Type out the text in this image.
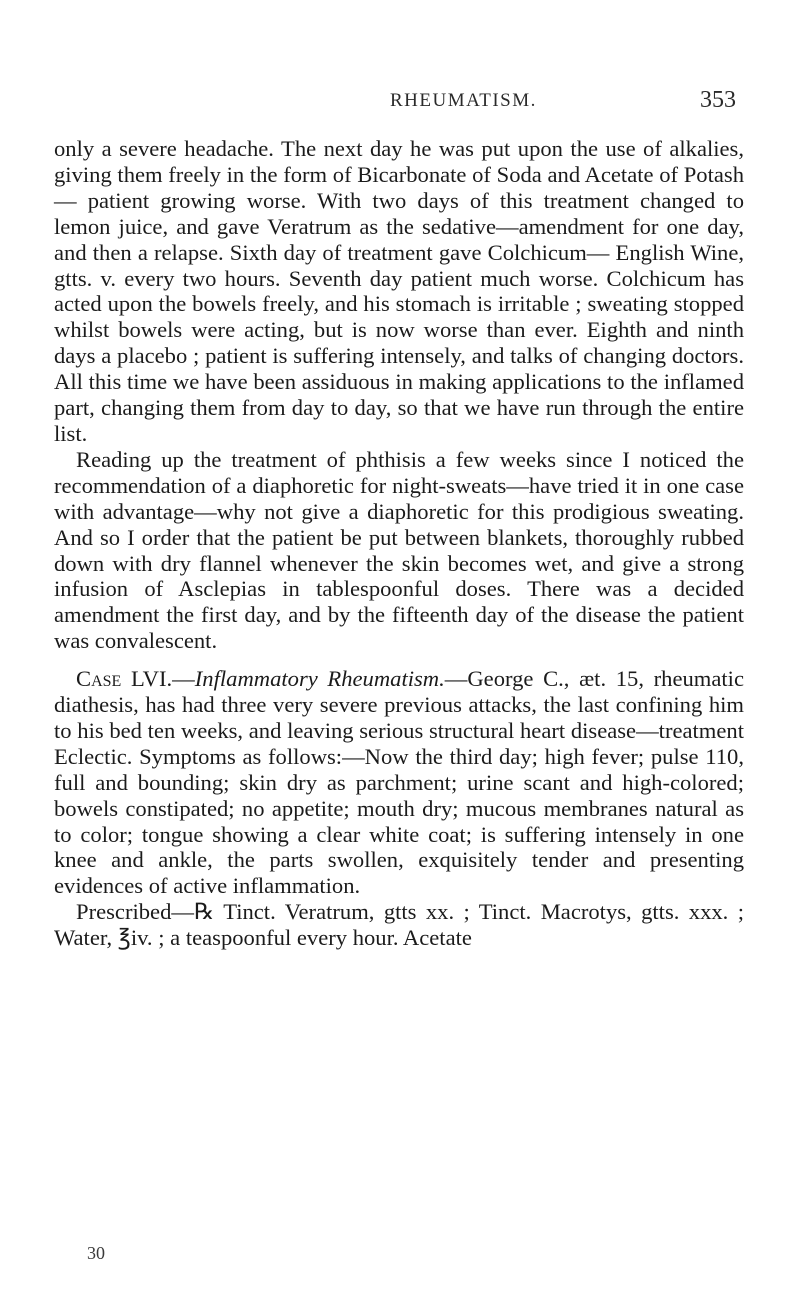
RHEUMATISM.	353

only a severe headache. The next day he was put upon the use of alkalies, giving them freely in the form of Bicarbonate of Soda and Acetate of Potash — patient growing worse. With two days of this treatment changed to lemon juice, and gave Veratrum as the sedative—amendment for one day, and then a relapse. Sixth day of treatment gave Colchicum— English Wine, gtts. v. every two hours. Seventh day patient much worse. Colchicum has acted upon the bowels freely, and his stomach is irritable ; sweating stopped whilst bowels were acting, but is now worse than ever. Eighth and ninth days a placebo ; patient is suffering intensely, and talks of changing doctors. All this time we have been assiduous in making applications to the inflamed part, changing them from day to day, so that we have run through the entire list.

Reading up the treatment of phthisis a few weeks since I noticed the recommendation of a diaphoretic for night-sweats—have tried it in one case with advantage—why not give a diaphoretic for this prodigious sweating. And so I order that the patient be put between blankets, thoroughly rubbed down with dry flannel whenever the skin becomes wet, and give a strong infusion of Asclepias in tablespoonful doses. There was a decided amendment the first day, and by the fifteenth day of the disease the patient was convalescent.

Case LVI.—Inflammatory Rheumatism.—George C., æt. 15, rheumatic diathesis, has had three very severe previous attacks, the last confining him to his bed ten weeks, and leaving serious structural heart disease—treatment Eclectic. Symptoms as follows:—Now the third day; high fever; pulse 110, full and bounding; skin dry as parchment; urine scant and high-colored; bowels constipated; no appetite; mouth dry; mucous membranes natural as to color; tongue showing a clear white coat; is suffering intensely in one knee and ankle, the parts swollen, exquisitely tender and presenting evidences of active inflammation.

Prescribed—℞ Tinct. Veratrum, gtts xx. ; Tinct. Macrotys, gtts. xxx. ; Water, ℥iv. ; a teaspoonful every hour. Acetate

30
